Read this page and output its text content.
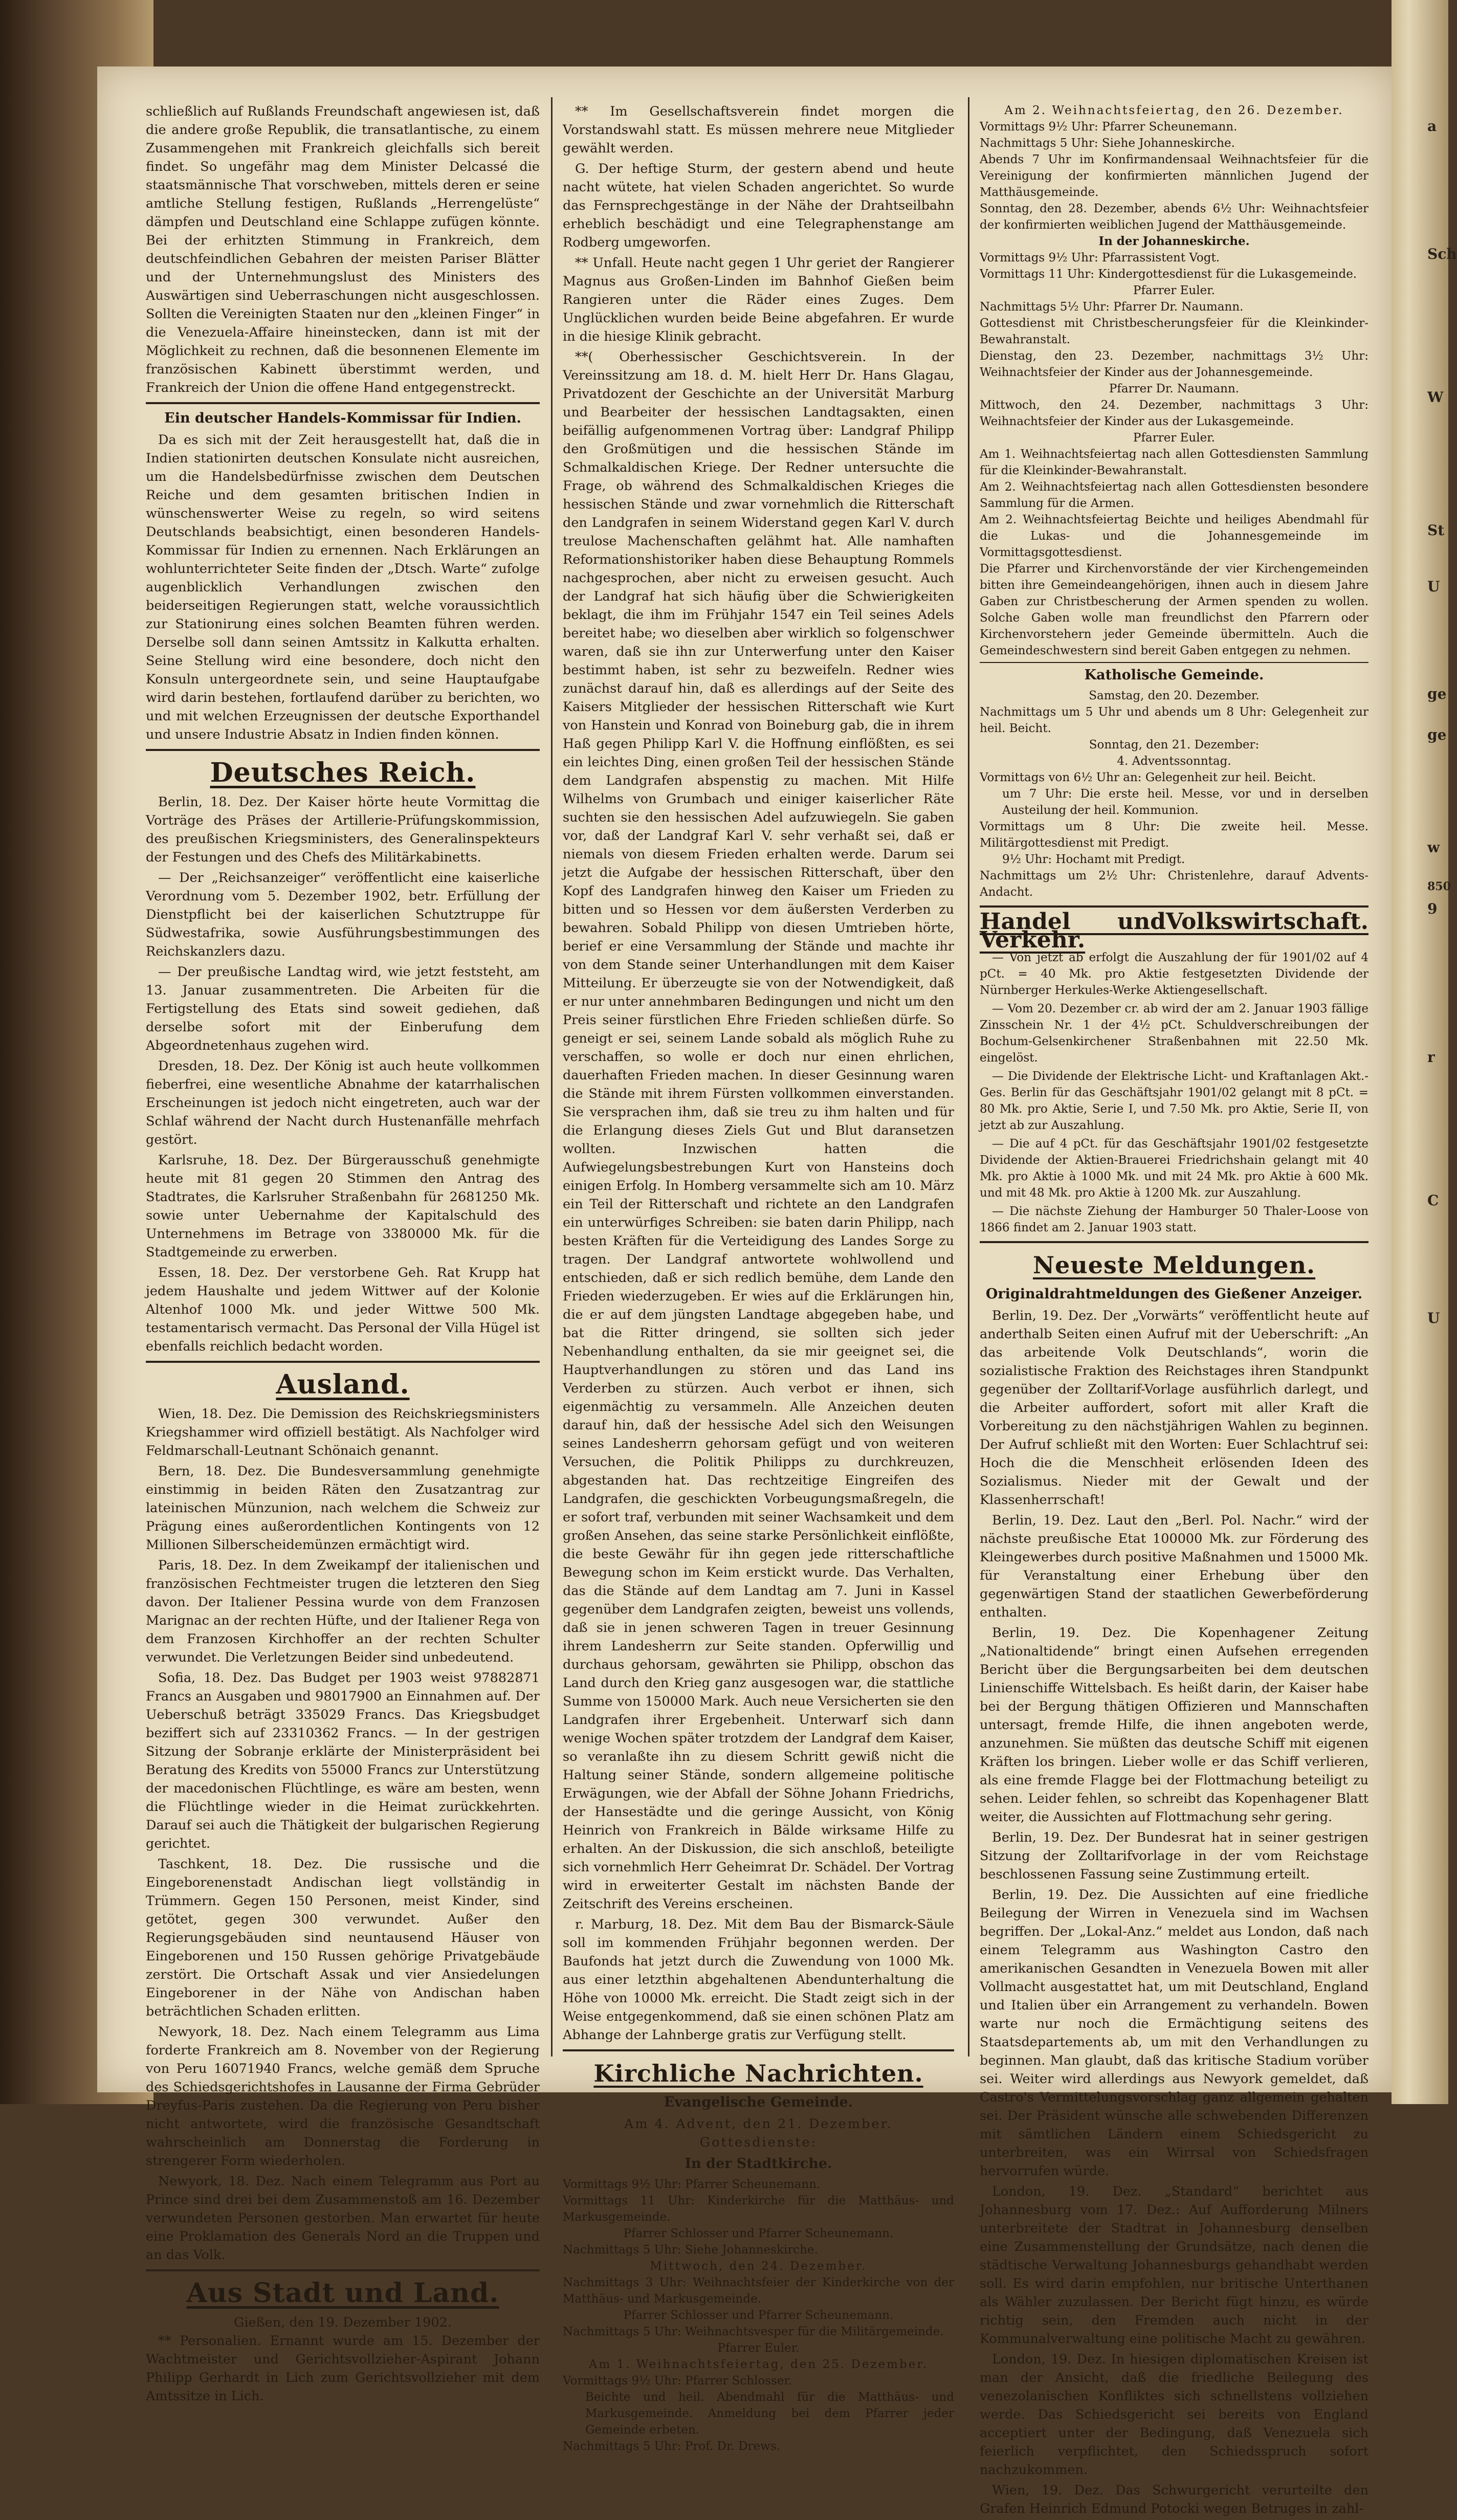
schließlich auf Rußlands Freundschaft angewiesen ist, daß die andere große Republik, die transatlantische, zu einem Zusammengehen mit Frankreich gleichfalls sich bereit findet. So ungefähr mag dem Minister Delcassé die staatsmännische That vorschweben, mittels deren er seine amtliche Stellung festigen, Rußlands „Herrengelüste“ dämpfen und Deutschland eine Schlappe zufügen könnte. Bei der erhitzten Stimmung in Frankreich, dem deutschfeindlichen Gebahren der meisten Pariser Blätter und der Unternehmungslust des Ministers des Auswärtigen sind Ueberraschungen nicht ausgeschlossen. Sollten die Vereinigten Staaten nur den „kleinen Finger“ in die Venezuela-Affaire hineinstecken, dann ist mit der Möglichkeit zu rechnen, daß die besonnenen Elemente im französischen Kabinett überstimmt werden, und Frankreich der Union die offene Hand entgegenstreckt.

Ein deutscher Handels-Kommissar für Indien.

Da es sich mit der Zeit herausgestellt hat, daß die in Indien stationirten deutschen Konsulate nicht ausreichen, um die Handelsbedürfnisse zwischen dem Deutschen Reiche und dem gesamten britischen Indien in wünschenswerter Weise zu regeln, so wird seitens Deutschlands beabsichtigt, einen besonderen Handels-Kommissar für Indien zu ernennen. Nach Erklärungen an wohlunterrichteter Seite finden der „Dtsch. Warte“ zufolge augenblicklich Verhandlungen zwischen den beiderseitigen Regierungen statt, welche voraussichtlich zur Stationirung eines solchen Beamten führen werden. Derselbe soll dann seinen Amtssitz in Kalkutta erhalten. Seine Stellung wird eine besondere, doch nicht den Konsuln untergeordnete sein, und seine Hauptaufgabe wird darin bestehen, fortlaufend darüber zu berichten, wo und mit welchen Erzeugnissen der deutsche Exporthandel und unsere Industrie Absatz in Indien finden können.

Deutsches Reich.

Berlin, 18. Dez. Der Kaiser hörte heute Vormittag die Vorträge des Präses der Artillerie-Prüfungskommission, des preußischen Kriegsministers, des Generalinspekteurs der Festungen und des Chefs des Militärkabinetts.

— Der „Reichsanzeiger“ veröffentlicht eine kaiserliche Verordnung vom 5. Dezember 1902, betr. Erfüllung der Dienstpflicht bei der kaiserlichen Schutztruppe für Südwestafrika, sowie Ausführungsbestimmungen des Reichskanzlers dazu.

— Der preußische Landtag wird, wie jetzt feststeht, am 13. Januar zusammentreten. Die Arbeiten für die Fertigstellung des Etats sind soweit gediehen, daß derselbe sofort mit der Einberufung dem Abgeordnetenhaus zugehen wird.

Dresden, 18. Dez. Der König ist auch heute vollkommen fieberfrei, eine wesentliche Abnahme der katarrhalischen Erscheinungen ist jedoch nicht eingetreten, auch war der Schlaf während der Nacht durch Hustenanfälle mehrfach gestört.

Karlsruhe, 18. Dez. Der Bürgerausschuß genehmigte heute mit 81 gegen 20 Stimmen den Antrag des Stadtrates, die Karlsruher Straßenbahn für 2681250 Mk. sowie unter Uebernahme der Kapitalschuld des Unternehmens im Betrage von 3380000 Mk. für die Stadtgemeinde zu erwerben.

Essen, 18. Dez. Der verstorbene Geh. Rat Krupp hat jedem Haushalte und jedem Wittwer auf der Kolonie Altenhof 1000 Mk. und jeder Wittwe 500 Mk. testamentarisch vermacht. Das Personal der Villa Hügel ist ebenfalls reichlich bedacht worden.

Ausland.

Wien, 18. Dez. Die Demission des Reichskriegsministers Kriegshammer wird offiziell bestätigt. Als Nachfolger wird Feldmarschall-Leutnant Schönaich genannt.

Bern, 18. Dez. Die Bundesversammlung genehmigte einstimmig in beiden Räten den Zusatzantrag zur lateinischen Münzunion, nach welchem die Schweiz zur Prägung eines außerordentlichen Kontingents von 12 Millionen Silberscheidemünzen ermächtigt wird.

Paris, 18. Dez. In dem Zweikampf der italienischen und französischen Fechtmeister trugen die letzteren den Sieg davon. Der Italiener Pessina wurde von dem Franzosen Marignac an der rechten Hüfte, und der Italiener Rega von dem Franzosen Kirchhoffer an der rechten Schulter verwundet. Die Verletzungen Beider sind unbedeutend.

Sofia, 18. Dez. Das Budget per 1903 weist 97882871 Francs an Ausgaben und 98017900 an Einnahmen auf. Der Ueberschuß beträgt 335029 Francs. Das Kriegsbudget beziffert sich auf 23310362 Francs. — In der gestrigen Sitzung der Sobranje erklärte der Ministerpräsident bei Beratung des Kredits von 55000 Francs zur Unterstützung der macedonischen Flüchtlinge, es wäre am besten, wenn die Flüchtlinge wieder in die Heimat zurückkehrten. Darauf sei auch die Thätigkeit der bulgarischen Regierung gerichtet.

Taschkent, 18. Dez. Die russische und die Eingeborenenstadt Andischan liegt vollständig in Trümmern. Gegen 150 Personen, meist Kinder, sind getötet, gegen 300 verwundet. Außer den Regierungsgebäuden sind neuntausend Häuser von Eingeborenen und 150 Russen gehörige Privatgebäude zerstört. Die Ortschaft Assak und vier Ansiedelungen Eingeborener in der Nähe von Andischan haben beträchtlichen Schaden erlitten.

Newyork, 18. Dez. Nach einem Telegramm aus Lima forderte Frankreich am 8. November von der Regierung von Peru 16071940 Francs, welche gemäß dem Spruche des Schiedsgerichtshofes in Lausanne der Firma Gebrüder Dreyfus-Paris zustehen. Da die Regierung von Peru bisher nicht antwortete, wird die französische Gesandtschaft wahrscheinlich am Donnerstag die Forderung in strengerer Form wiederholen.

Newyork, 18. Dez. Nach einem Telegramm aus Port au Prince sind drei bei dem Zusammenstoß am 16. Dezember verwundeten Personen gestorben. Man erwartet für heute eine Proklamation des Generals Nord an die Truppen und an das Volk.

Aus Stadt und Land.
Gießen, den 19. Dezember 1902.

** Personalien. Ernannt wurde am 15. Dezember der Wachtmeister und Gerichtsvollzieher-Aspirant Johann Philipp Gerhardt in Lich zum Gerichtsvollzieher mit dem Amtssitze in Lich.

** Im Gesellschaftsverein findet morgen die Vorstandswahl statt. Es müssen mehrere neue Mitglieder gewählt werden.

G. Der heftige Sturm, der gestern abend und heute nacht wütete, hat vielen Schaden angerichtet. So wurde das Fernsprechgestänge in der Nähe der Drahtseilbahn erheblich beschädigt und eine Telegraphenstange am Rodberg umgeworfen.

** Unfall. Heute nacht gegen 1 Uhr geriet der Rangierer Magnus aus Großen-Linden im Bahnhof Gießen beim Rangieren unter die Räder eines Zuges. Dem Unglücklichen wurden beide Beine abgefahren. Er wurde in die hiesige Klinik gebracht.

**( Oberhessischer Geschichtsverein. In der Vereinssitzung am 18. d. M. hielt Herr Dr. Hans Glagau, Privatdozent der Geschichte an der Universität Marburg und Bearbeiter der hessischen Landtagsakten, einen beifällig aufgenommenen Vortrag über: Landgraf Philipp den Großmütigen und die hessischen Stände im Schmalkaldischen Kriege. Der Redner untersuchte die Frage, ob während des Schmalkaldischen Krieges die hessischen Stände und zwar vornehmlich die Ritterschaft den Landgrafen in seinem Widerstand gegen Karl V. durch treulose Machenschaften gelähmt hat. Alle namhaften Reformationshistoriker haben diese Behauptung Rommels nachgesprochen, aber nicht zu erweisen gesucht. Auch der Landgraf hat sich häufig über die Schwierigkeiten beklagt, die ihm im Frühjahr 1547 ein Teil seines Adels bereitet habe; wo dieselben aber wirklich so folgenschwer waren, daß sie ihn zur Unterwerfung unter den Kaiser bestimmt haben, ist sehr zu bezweifeln. Redner wies zunächst darauf hin, daß es allerdings auf der Seite des Kaisers Mitglieder der hessischen Ritterschaft wie Kurt von Hanstein und Konrad von Boineburg gab, die in ihrem Haß gegen Philipp Karl V. die Hoffnung einflößten, es sei ein leichtes Ding, einen großen Teil der hessischen Stände dem Landgrafen abspenstig zu machen. Mit Hilfe Wilhelms von Grumbach und einiger kaiserlicher Räte suchten sie den hessischen Adel aufzuwiegeln. Sie gaben vor, daß der Landgraf Karl V. sehr verhaßt sei, daß er niemals von diesem Frieden erhalten werde. Darum sei jetzt die Aufgabe der hessischen Ritterschaft, über den Kopf des Landgrafen hinweg den Kaiser um Frieden zu bitten und so Hessen vor dem äußersten Verderben zu bewahren. Sobald Philipp von diesen Umtrieben hörte, berief er eine Versammlung der Stände und machte ihr von dem Stande seiner Unterhandlungen mit dem Kaiser Mitteilung. Er überzeugte sie von der Notwendigkeit, daß er nur unter annehmbaren Bedingungen und nicht um den Preis seiner fürstlichen Ehre Frieden schließen dürfe. So geneigt er sei, seinem Lande sobald als möglich Ruhe zu verschaffen, so wolle er doch nur einen ehrlichen, dauerhaften Frieden machen. In dieser Gesinnung waren die Stände mit ihrem Fürsten vollkommen einverstanden. Sie versprachen ihm, daß sie treu zu ihm halten und für die Erlangung dieses Ziels Gut und Blut daransetzen wollten. Inzwischen hatten die Aufwiegelungsbestrebungen Kurt von Hansteins doch einigen Erfolg. In Homberg versammelte sich am 10. März ein Teil der Ritterschaft und richtete an den Landgrafen ein unterwürfiges Schreiben: sie baten darin Philipp, nach besten Kräften für die Verteidigung des Landes Sorge zu tragen. Der Landgraf antwortete wohlwollend und entschieden, daß er sich redlich bemühe, dem Lande den Frieden wiederzugeben. Er wies auf die Erklärungen hin, die er auf dem jüngsten Landtage abgegeben habe, und bat die Ritter dringend, sie sollten sich jeder Nebenhandlung enthalten, da sie mir geeignet sei, die Hauptverhandlungen zu stören und das Land ins Verderben zu stürzen. Auch verbot er ihnen, sich eigenmächtig zu versammeln. Alle Anzeichen deuten darauf hin, daß der hessische Adel sich den Weisungen seines Landesherrn gehorsam gefügt und von weiteren Versuchen, die Politik Philipps zu durchkreuzen, abgestanden hat. Das rechtzeitige Eingreifen des Landgrafen, die geschickten Vorbeugungsmaßregeln, die er sofort traf, verbunden mit seiner Wachsamkeit und dem großen Ansehen, das seine starke Persönlichkeit einflößte, die beste Gewähr für ihn gegen jede ritterschaftliche Bewegung schon im Keim erstickt wurde. Das Verhalten, das die Stände auf dem Landtag am 7. Juni in Kassel gegenüber dem Landgrafen zeigten, beweist uns vollends, daß sie in jenen schweren Tagen in treuer Gesinnung ihrem Landesherrn zur Seite standen. Opferwillig und durchaus gehorsam, gewährten sie Philipp, obschon das Land durch den Krieg ganz ausgesogen war, die stattliche Summe von 150000 Mark. Auch neue Versicherten sie den Landgrafen ihrer Ergebenheit. Unterwarf sich dann wenige Wochen später trotzdem der Landgraf dem Kaiser, so veranlaßte ihn zu diesem Schritt gewiß nicht die Haltung seiner Stände, sondern allgemeine politische Erwägungen, wie der Abfall der Söhne Johann Friedrichs, der Hansestädte und die geringe Aussicht, von König Heinrich von Frankreich in Bälde wirksame Hilfe zu erhalten. An der Diskussion, die sich anschloß, beteiligte sich vornehmlich Herr Geheimrat Dr. Schädel. Der Vortrag wird in erweiterter Gestalt im nächsten Bande der Zeitschrift des Vereins erscheinen.

r. Marburg, 18. Dez. Mit dem Bau der Bismarck-Säule soll im kommenden Frühjahr begonnen werden. Der Baufonds hat jetzt durch die Zuwendung von 1000 Mk. aus einer letzthin abgehaltenen Abendunterhaltung die Höhe von 10000 Mk. erreicht. Die Stadt zeigt sich in der Weise entgegenkommend, daß sie einen schönen Platz am Abhange der Lahnberge gratis zur Verfügung stellt.

Kirchliche Nachrichten.
Evangelische Gemeinde.
Am 4. Advent, den 21. Dezember. Gottesdienste:
In der Stadtkirche.

Vormittags 9½ Uhr: Pfarrer Scheunemann.

Vormittags 11 Uhr: Kinderkirche für die Matthäus- und Markusgemeinde.

Pfarrer Schlosser und Pfarrer Scheunemann.

Nachmittags 5 Uhr: Siehe Johanneskirche.

Mittwoch, den 24. Dezember.

Nachmittags 3 Uhr: Weihnachtsfeier der Kinderkirche von der Matthäus- und Markusgemeinde.

Pfarrer Schlosser und Pfarrer Scheunemann.

Nachmittags 5 Uhr: Weihnachtsvesper für die Militärgemeinde.

Pfarrer Euler.

Am 1. Weihnachtsfeiertag, den 25. Dezember.

Vormittags 9½ Uhr: Pfarrer Schlosser.

Beichte und heil. Abendmahl für die Matthäus- und Markusgemeinde. Anmeldung bei dem Pfarrer jeder Gemeinde erbeten.

Nachmittags 5 Uhr: Prof. Dr. Drews.

Am 2. Weihnachtsfeiertag, den 26. Dezember.

Vormittags 9½ Uhr: Pfarrer Scheunemann.

Nachmittags 5 Uhr: Siehe Johanneskirche.

Abends 7 Uhr im Konfirmandensaal Weihnachtsfeier für die Vereinigung der konfirmierten männlichen Jugend der Matthäusgemeinde.

Sonntag, den 28. Dezember, abends 6½ Uhr: Weihnachtsfeier der konfirmierten weiblichen Jugend der Matthäusgemeinde.

In der Johanneskirche.

Vormittags 9½ Uhr: Pfarrassistent Vogt.

Vormittags 11 Uhr: Kindergottesdienst für die Lukasgemeinde.

Pfarrer Euler.

Nachmittags 5½ Uhr: Pfarrer Dr. Naumann.

Gottesdienst mit Christbescherungsfeier für die Kleinkinder-Bewahranstalt.

Dienstag, den 23. Dezember, nachmittags 3½ Uhr: Weihnachtsfeier der Kinder aus der Johannesgemeinde.

Pfarrer Dr. Naumann.

Mittwoch, den 24. Dezember, nachmittags 3 Uhr: Weihnachtsfeier der Kinder aus der Lukasgemeinde.

Pfarrer Euler.

Am 1. Weihnachtsfeiertag nach allen Gottesdiensten Sammlung für die Kleinkinder-Bewahranstalt.

Am 2. Weihnachtsfeiertag nach allen Gottesdiensten besondere Sammlung für die Armen.

Am 2. Weihnachtsfeiertag Beichte und heiliges Abendmahl für die Lukas- und die Johannesgemeinde im Vormittagsgottesdienst.

Die Pfarrer und Kirchenvorstände der vier Kirchengemeinden bitten ihre Gemeindeangehörigen, ihnen auch in diesem Jahre Gaben zur Christbescherung der Armen spenden zu wollen. Solche Gaben wolle man freundlichst den Pfarrern oder Kirchenvorstehern jeder Gemeinde übermitteln. Auch die Gemeindeschwestern sind bereit Gaben entgegen zu nehmen.

Katholische Gemeinde.

Samstag, den 20. Dezember.

Nachmittags um 5 Uhr und abends um 8 Uhr: Gelegenheit zur heil. Beicht.

Sonntag, den 21. Dezember:

4. Adventssonntag.

Vormittags von 6½ Uhr an: Gelegenheit zur heil. Beicht.

um 7 Uhr: Die erste heil. Messe, vor und in derselben Austeilung der heil. Kommunion.

Vormittags um 8 Uhr: Die zweite heil. Messe. Militärgottesdienst mit Predigt.

9½ Uhr: Hochamt mit Predigt.

Nachmittags um 2½ Uhr: Christenlehre, darauf Advents-Andacht.

Handel und Verkehr.
Volkswirtschaft.

— Von jetzt ab erfolgt die Auszahlung der für 1901/02 auf 4 pCt. = 40 Mk. pro Aktie festgesetzten Dividende der Nürnberger Herkules-Werke Aktiengesellschaft.

— Vom 20. Dezember cr. ab wird der am 2. Januar 1903 fällige Zinsschein Nr. 1 der 4½ pCt. Schuldverschreibungen der Bochum-Gelsenkirchener Straßenbahnen mit 22.50 Mk. eingelöst.

— Die Dividende der Elektrische Licht- und Kraftanlagen Akt.-Ges. Berlin für das Geschäftsjahr 1901/02 gelangt mit 8 pCt. = 80 Mk. pro Aktie, Serie I, und 7.50 Mk. pro Aktie, Serie II, von jetzt ab zur Auszahlung.

— Die auf 4 pCt. für das Geschäftsjahr 1901/02 festgesetzte Dividende der Aktien-Brauerei Friedrichshain gelangt mit 40 Mk. pro Aktie à 1000 Mk. und mit 24 Mk. pro Aktie à 600 Mk. und mit 48 Mk. pro Aktie à 1200 Mk. zur Auszahlung.

— Die nächste Ziehung der Hamburger 50 Thaler-Loose von 1866 findet am 2. Januar 1903 statt.

Neueste Meldungen.
Originaldrahtmeldungen des Gießener Anzeiger.

Berlin, 19. Dez. Der „Vorwärts“ veröffentlicht heute auf anderthalb Seiten einen Aufruf mit der Ueberschrift: „An das arbeitende Volk Deutschlands“, worin die sozialistische Fraktion des Reichstages ihren Standpunkt gegenüber der Zolltarif-Vorlage ausführlich darlegt, und die Arbeiter auffordert, sofort mit aller Kraft die Vorbereitung zu den nächstjährigen Wahlen zu beginnen. Der Aufruf schließt mit den Worten: Euer Schlachtruf sei: Hoch die die Menschheit erlösenden Ideen des Sozialismus. Nieder mit der Gewalt und der Klassenherrschaft!

Berlin, 19. Dez. Laut den „Berl. Pol. Nachr.“ wird der nächste preußische Etat 100000 Mk. zur Förderung des Kleingewerbes durch positive Maßnahmen und 15000 Mk. für Veranstaltung einer Erhebung über den gegenwärtigen Stand der staatlichen Gewerbeförderung enthalten.

Berlin, 19. Dez. Die Kopenhagener Zeitung „Nationaltidende“ bringt einen Aufsehen erregenden Bericht über die Bergungsarbeiten bei dem deutschen Linienschiffe Wittelsbach. Es heißt darin, der Kaiser habe bei der Bergung thätigen Offizieren und Mannschaften untersagt, fremde Hilfe, die ihnen angeboten werde, anzunehmen. Sie müßten das deutsche Schiff mit eigenen Kräften los bringen. Lieber wolle er das Schiff verlieren, als eine fremde Flagge bei der Flottmachung beteiligt zu sehen. Leider fehlen, so schreibt das Kopenhagener Blatt weiter, die Aussichten auf Flottmachung sehr gering.

Berlin, 19. Dez. Der Bundesrat hat in seiner gestrigen Sitzung der Zolltarifvorlage in der vom Reichstage beschlossenen Fassung seine Zustimmung erteilt.

Berlin, 19. Dez. Die Aussichten auf eine friedliche Beilegung der Wirren in Venezuela sind im Wachsen begriffen. Der „Lokal-Anz.“ meldet aus London, daß nach einem Telegramm aus Washington Castro den amerikanischen Gesandten in Venezuela Bowen mit aller Vollmacht ausgestattet hat, um mit Deutschland, England und Italien über ein Arrangement zu verhandeln. Bowen warte nur noch die Ermächtigung seitens des Staatsdepartements ab, um mit den Verhandlungen zu beginnen. Man glaubt, daß das kritische Stadium vorüber sei. Weiter wird allerdings aus Newyork gemeldet, daß Castro's Vermittelungsvorschlag ganz allgemein gehalten sei. Der Präsident wünsche alle schwebenden Differenzen mit sämtlichen Ländern einem Schiedsgericht zu unterbreiten, was ein Wirrsal von Schiedsfragen hervorrufen würde.

London, 19. Dez. „Standard“ berichtet aus Johannesburg vom 17. Dez.: Auf Aufforderung Milners unterbreitete der Stadtrat in Johannesburg denselben eine Zusammenstellung der Grundsätze, nach denen die städtische Verwaltung Johannesburgs gehandhabt werden soll. Es wird darin empfohlen, nur britische Unterthanen als Wähler zuzulassen. Der Bericht fügt hinzu, es würde richtig sein, den Fremden auch nicht in der Kommunalverwaltung eine politische Macht zu gewähren.

London, 19. Dez. In hiesigen diplomatischen Kreisen ist man der Ansicht, daß die friedliche Beilegung des venezolanischen Konfliktes sich schnellstens vollziehen werde. Das Schiedsgericht sei bereits von England acceptiert unter der Bedingung, daß Venezuela sich feierlich verpflichtet, den Schiedsspruch sofort nachzukommen.

Wien, 19. Dez. Das Schwurgericht verurteilte den Grafen Heinrich Edmund Potocki wegen Betruges in zahl-

a
Sch
W
St
U
ge
ge
w
9
r
C
U
850
